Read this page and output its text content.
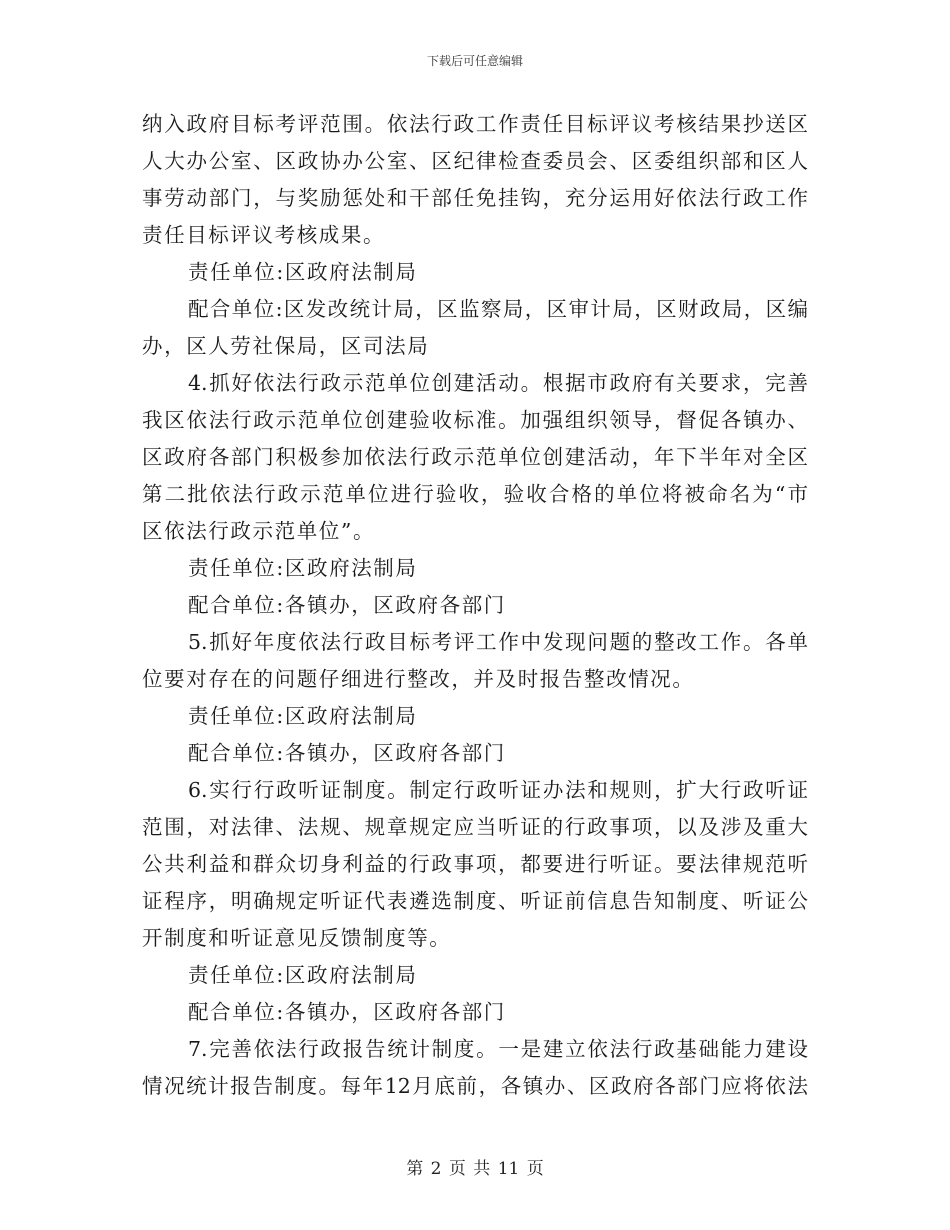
下载后可任意编辑
纳入政府目标考评范围。依法行政工作责任目标评议考核结果抄送区
人大办公室、区政协办公室、区纪律检查委员会、区委组织部和区人
事劳动部门，与奖励惩处和干部任免挂钩，充分运用好依法行政工作
责任目标评议考核成果。
责任单位:区政府法制局
配合单位:区发改统计局，区监察局，区审计局，区财政局，区编
办，区人劳社保局，区司法局
4.抓好依法行政示范单位创建活动。根据市政府有关要求，完善
我区依法行政示范单位创建验收标准。加强组织领导，督促各镇办、
区政府各部门积极参加依法行政示范单位创建活动，年下半年对全区
第二批依法行政示范单位进行验收，验收合格的单位将被命名为“市
区依法行政示范单位”。
责任单位:区政府法制局
配合单位:各镇办，区政府各部门
5.抓好年度依法行政目标考评工作中发现问题的整改工作。各单
位要对存在的问题仔细进行整改，并及时报告整改情况。
责任单位:区政府法制局
配合单位:各镇办，区政府各部门
6.实行行政听证制度。制定行政听证办法和规则，扩大行政听证
范围，对法律、法规、规章规定应当听证的行政事项，以及涉及重大
公共利益和群众切身利益的行政事项，都要进行听证。要法律规范听
证程序，明确规定听证代表遴选制度、听证前信息告知制度、听证公
开制度和听证意见反馈制度等。
责任单位:区政府法制局
配合单位:各镇办，区政府各部门
7.完善依法行政报告统计制度。一是建立依法行政基础能力建设
情况统计报告制度。每年12月底前，各镇办、区政府各部门应将依法
第 2 页 共 11 页
